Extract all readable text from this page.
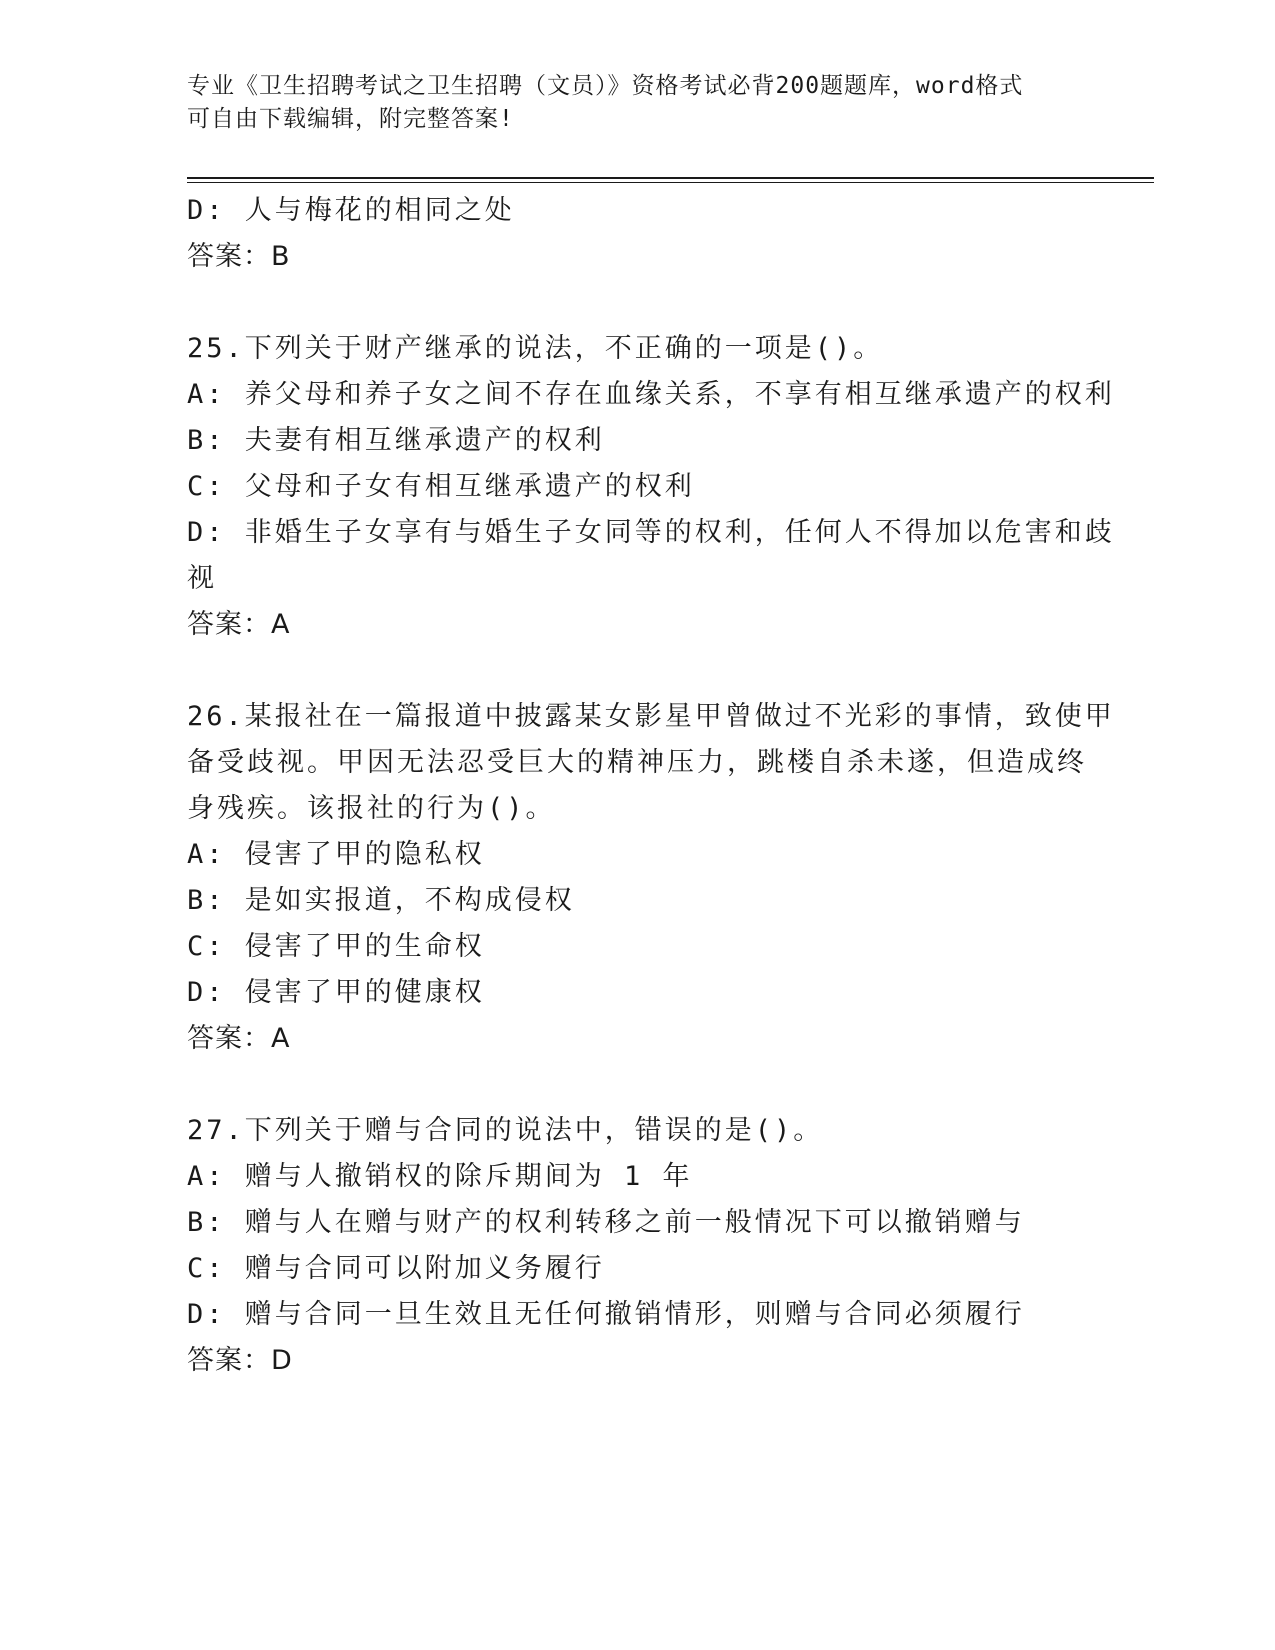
专业《卫生招聘考试之卫生招聘（文员）》资格考试必背200题题库，word格式
可自由下载编辑，附完整答案!
D: 人与梅花的相同之处
答案：B
25.下列关于财产继承的说法，不正确的一项是()。
A: 养父母和养子女之间不存在血缘关系，不享有相互继承遗产的权利
B: 夫妻有相互继承遗产的权利
C: 父母和子女有相互继承遗产的权利
D: 非婚生子女享有与婚生子女同等的权利，任何人不得加以危害和歧
视
答案：A
26.某报社在一篇报道中披露某女影星甲曾做过不光彩的事情，致使甲
备受歧视。甲因无法忍受巨大的精神压力，跳楼自杀未遂，但造成终
身残疾。该报社的行为()。
A: 侵害了甲的隐私权
B: 是如实报道，不构成侵权
C: 侵害了甲的生命权
D: 侵害了甲的健康权
答案：A
27.下列关于赠与合同的说法中，错误的是()。
A: 赠与人撤销权的除斥期间为 1 年
B: 赠与人在赠与财产的权利转移之前一般情况下可以撤销赠与
C: 赠与合同可以附加义务履行
D: 赠与合同一旦生效且无任何撤销情形，则赠与合同必须履行
答案：D
